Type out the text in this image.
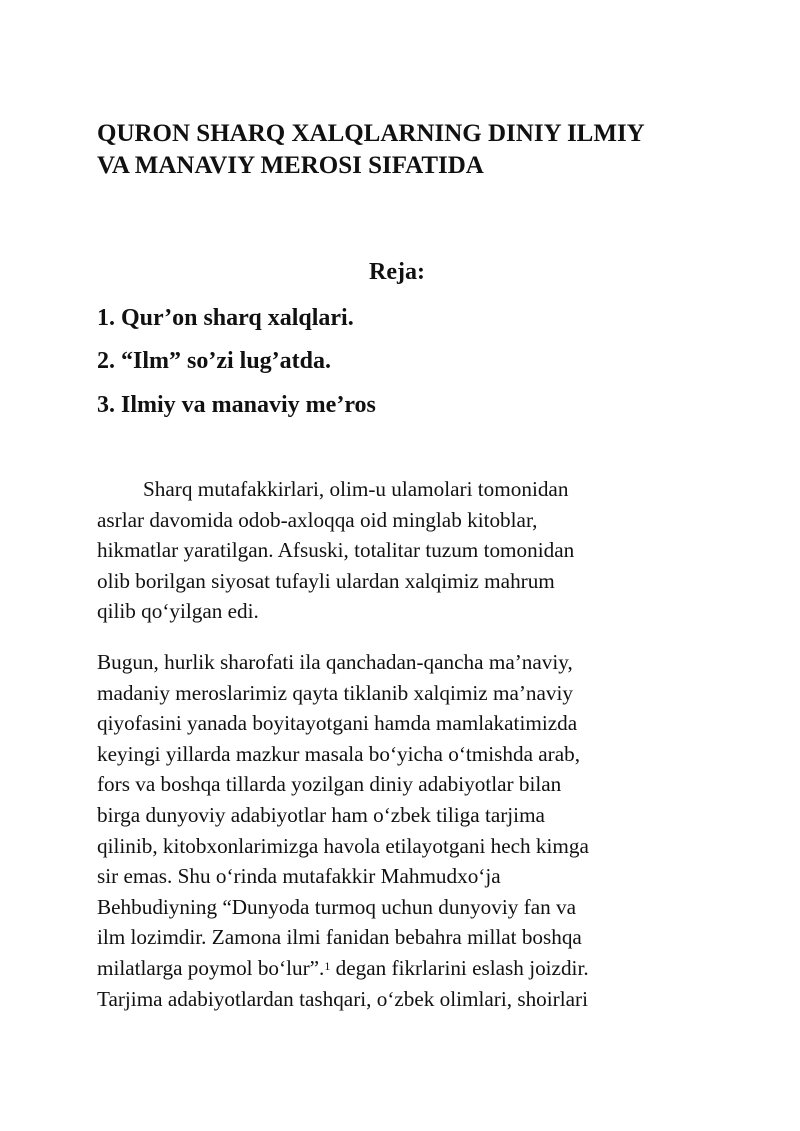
QURON SHARQ XALQLARNING DINIY ILMIY
VA MANAVIY MEROSI SIFATIDA
Reja:
1. Qur’on sharq xalqlari.
2. “Ilm” so’zi lug’atda.
3. Ilmiy va manaviy me’ros
Sharq mutafakkirlari, olim-u ulamolari tomonidan
asrlar davomida odob-axloqqa oid minglab kitoblar,
hikmatlar yaratilgan. Afsuski, totalitar tuzum tomonidan
olib borilgan siyosat tufayli ulardan xalqimiz mahrum
qilib qo‘yilgan edi.
Bugun, hurlik sharofati ila qanchadan-qancha ma’naviy,
madaniy meroslarimiz qayta tiklanib xalqimiz ma’naviy
qiyofasini yanada boyitayotgani hamda mamlakatimizda
keyingi yillarda mazkur masala bo‘yicha o‘tmishda arab,
fors va boshqa tillarda yozilgan diniy adabiyotlar bilan
birga dunyoviy adabiyotlar ham o‘zbek tiliga tarjima
qilinib, kitobxonlarimizga havola etilayotgani hech kimga
sir emas. Shu o‘rinda mutafakkir Mahmudxo‘ja
Behbudiyning “Dunyoda turmoq uchun dunyoviy fan va
ilm lozimdir. Zamona ilmi fanidan bebahra millat boshqa
milatlarga poymol bo‘lur”.$^1$ degan fikrlarini eslash joizdir.
Tarjima adabiyotlardan tashqari, o‘zbek olimlari, shoirlari
